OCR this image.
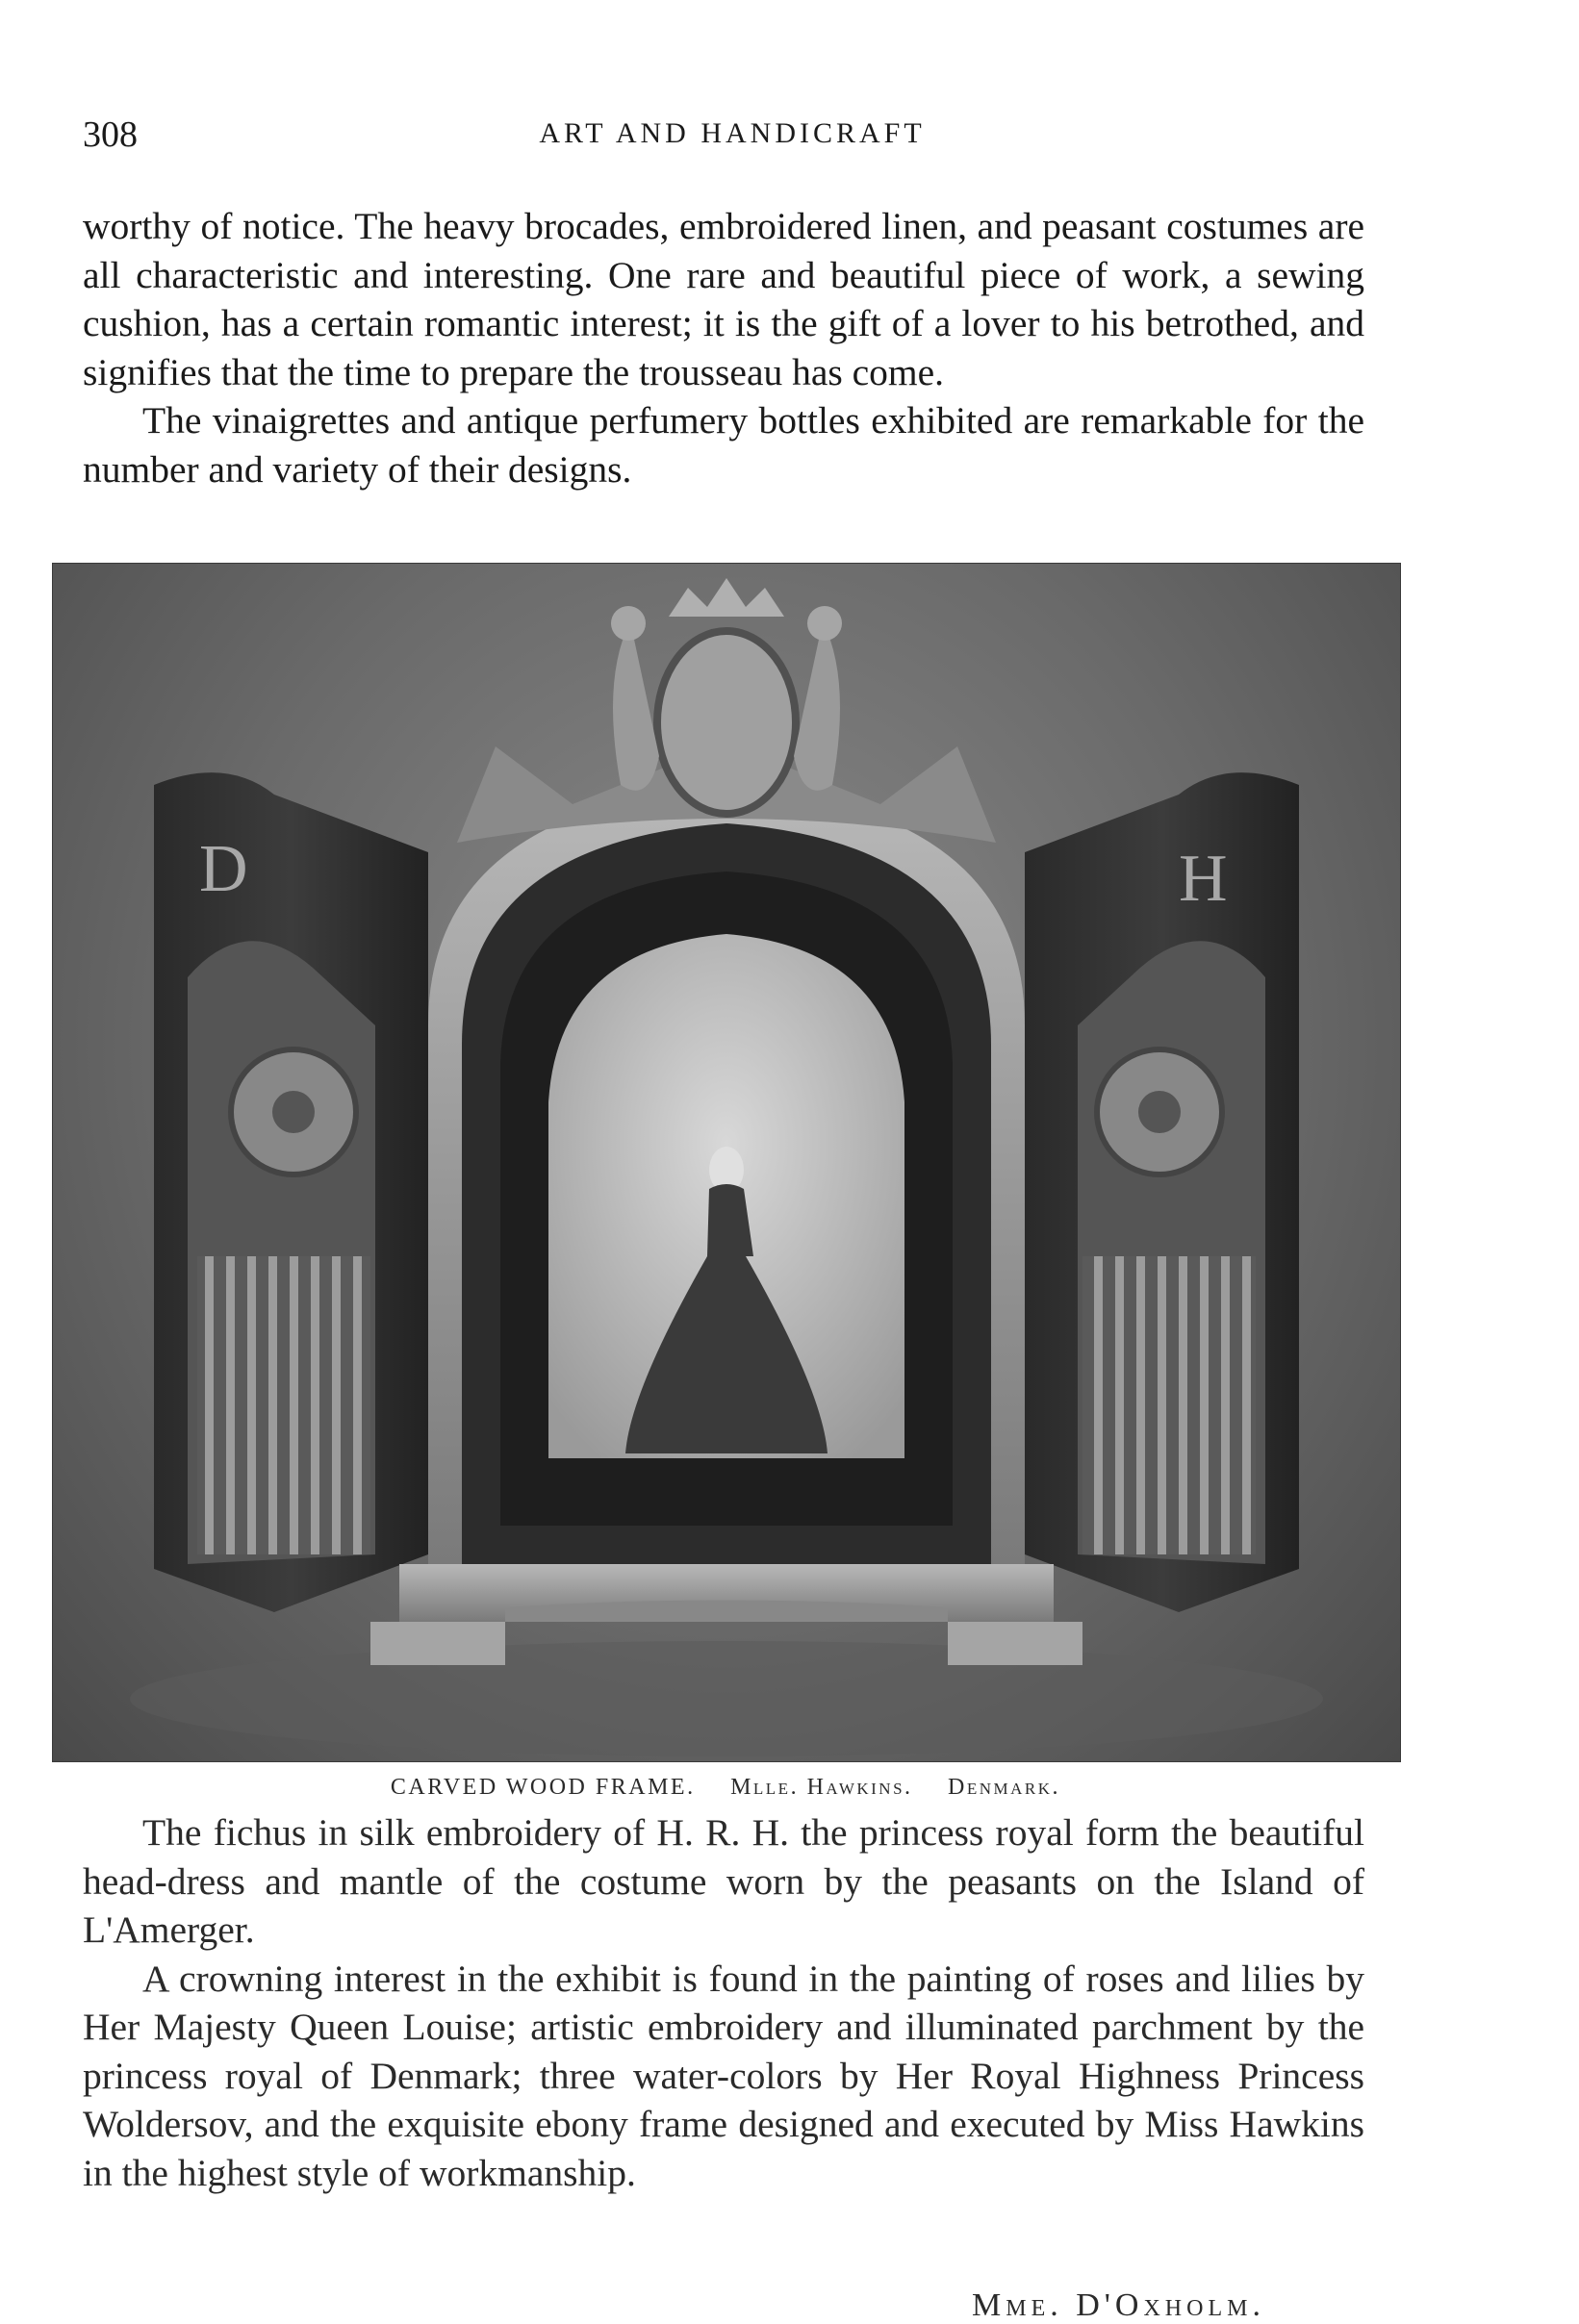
308	ART AND HANDICRAFT

worthy of notice. The heavy brocades, embroidered linen, and peasant costumes are all characteristic and interesting. One rare and beautiful piece of work, a sewing cushion, has a certain romantic interest; it is the gift of a lover to his betrothed, and signifies that the time to prepare the trousseau has come.

The vinaigrettes and antique perfumery bottles exhibited are remarkable for the number and variety of their designs.

D	H
CARVED WOOD FRAME. Mlle. Hawkins. Denmark.

The fichus in silk embroidery of H. R. H. the princess royal form the beautiful head-dress and mantle of the costume worn by the peasants on the Island of L'Amerger.

A crowning interest in the exhibit is found in the painting of roses and lilies by Her Majesty Queen Louise; artistic embroidery and illuminated parchment by the princess royal of Denmark; three water-colors by Her Royal Highness Princess Woldersov, and the exquisite ebony frame designed and executed by Miss Hawkins in the highest style of workmanship.

Mme. D'Oxholm.
